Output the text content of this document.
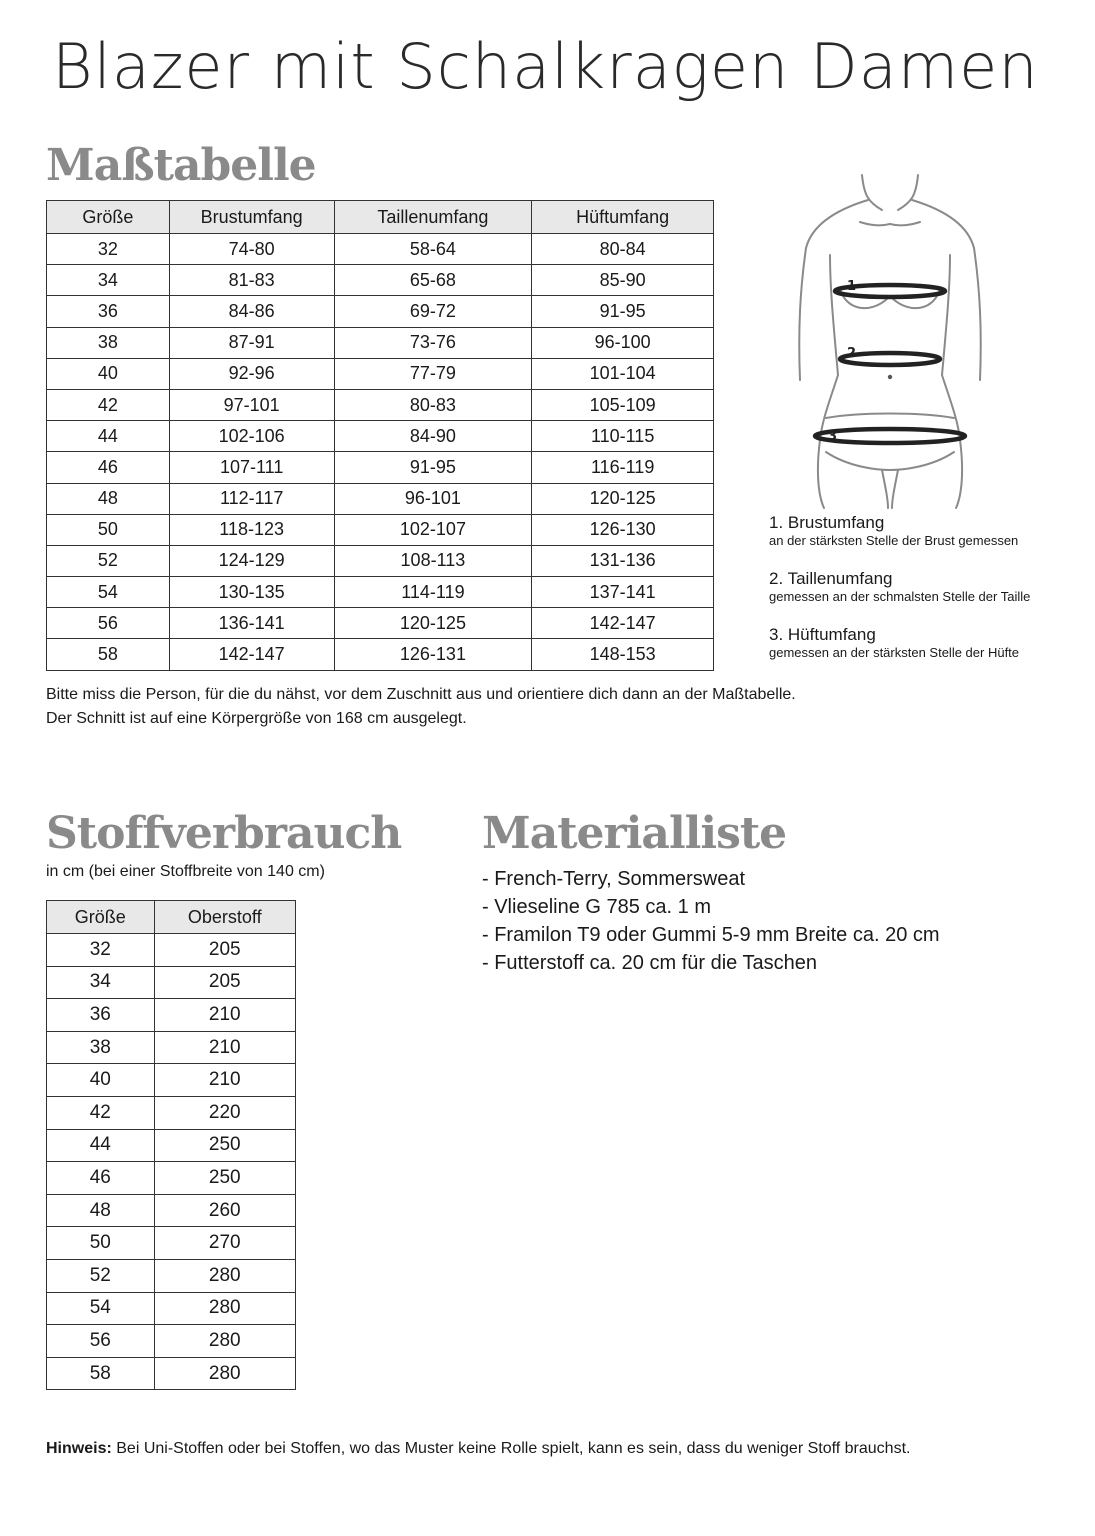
Blazer mit Schalkragen Damen
Maßtabelle
Größe	Brustumfang	Taillenumfang	Hüftumfang
32	74-80	58-64	80-84
34	81-83	65-68	85-90
36	84-86	69-72	91-95
38	87-91	73-76	96-100
40	92-96	77-79	101-104
42	97-101	80-83	105-109
44	102-106	84-90	110-115
46	107-111	91-95	116-119
48	112-117	96-101	120-125
50	118-123	102-107	126-130
52	124-129	108-113	131-136
54	130-135	114-119	137-141
56	136-141	120-125	142-147
58	142-147	126-131	148-153
Bitte miss die Person, für die du nähst, vor dem Zuschnitt aus und orientiere dich dann an der Maßtabelle.
Der Schnitt ist auf eine Körpergröße von 168 cm ausgelegt.
1
2
3
1. Brustumfang
an der stärksten Stelle der Brust gemessen
2. Taillenumfang
gemessen an der schmalsten Stelle der Taille
3. Hüftumfang
gemessen an der stärksten Stelle der Hüfte
Stoffverbrauch
in cm (bei einer Stoffbreite von 140 cm)
Größe	Oberstoff
32	205
34	205
36	210
38	210
40	210
42	220
44	250
46	250
48	260
50	270
52	280
54	280
56	280
58	280
Materialliste
- French-Terry, Sommersweat
- Vlieseline G 785 ca. 1 m
- Framilon T9 oder Gummi 5-9 mm Breite ca. 20 cm
- Futterstoff ca. 20 cm für die Taschen
Hinweis: Bei Uni-Stoffen oder bei Stoffen, wo das Muster keine Rolle spielt, kann es sein, dass du weniger Stoff brauchst.
